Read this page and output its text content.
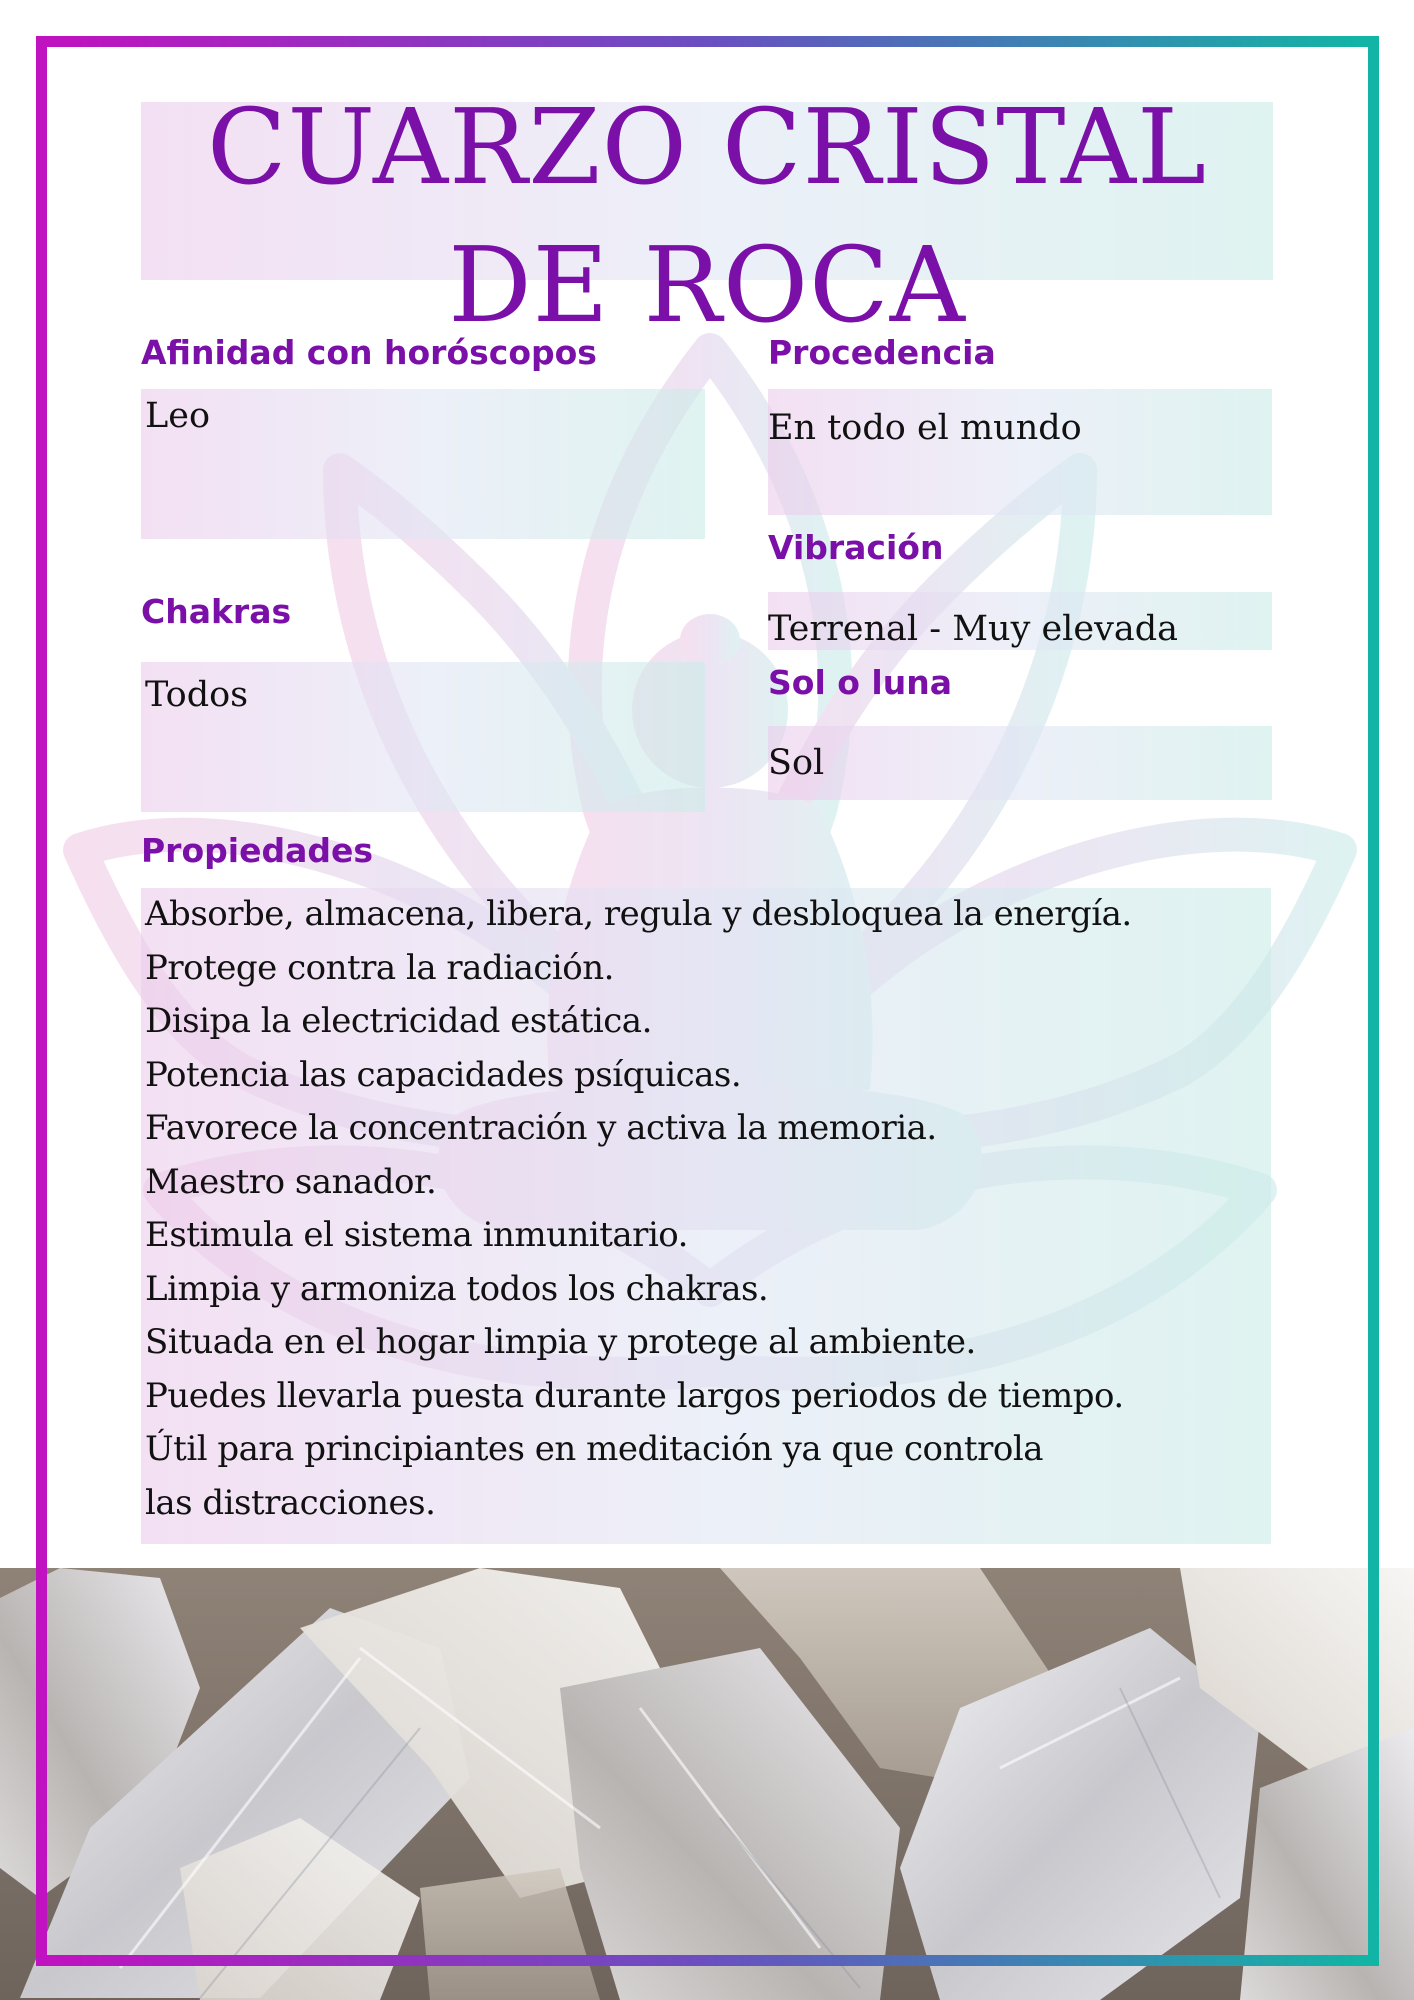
CUARZO CRISTAL
DE ROCA
Afinidad con horóscopos
Leo
Chakras
Todos
Procedencia
En todo el mundo
Vibración
Terrenal - Muy elevada
Sol o luna
Sol
Propiedades
Absorbe, almacena, libera, regula y desbloquea la energía.
Protege contra la radiación.
Disipa la electricidad estática.
Potencia las capacidades psíquicas.
Favorece la concentración y activa la memoria.
Maestro sanador.
Estimula el sistema inmunitario.
Limpia y armoniza todos los chakras.
Situada en el hogar limpia y protege al ambiente.
Puedes llevarla puesta durante largos periodos de tiempo.
Útil para principiantes en meditación ya que controla
las distracciones.
